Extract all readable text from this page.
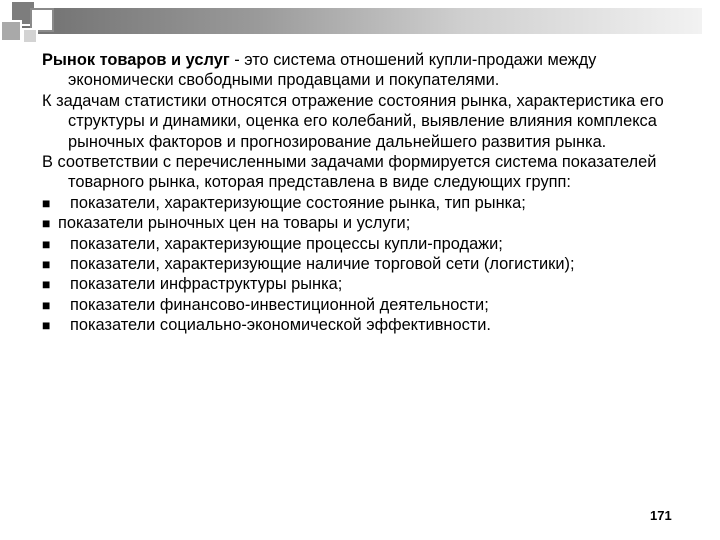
Рынок товаров и услуг - это система отношений купли-продажи между экономически свободными продавцами и покупателями.

К задачам статистики относятся отражение состояния рынка, характеристика его структуры и динамики, оценка его колебаний, выявление влияния комплекса рыночных факторов и прогнозирование дальнейшего развития рынка.

В соответствии с перечисленными задачами формируется система показателей товарного рынка, которая представлена в виде следующих групп:

■	показатели, характеризующие состояние рынка, тип рынка;
■ показатели рыночных цен на товары и услуги;
■	показатели, характеризующие процессы купли-продажи;
■	показатели, характеризующие наличие торговой сети (логистики);
■	показатели инфраструктуры рынка;
■	показатели финансово-инвестиционной деятельности;
■	показатели социально-экономической эффективности.
171
